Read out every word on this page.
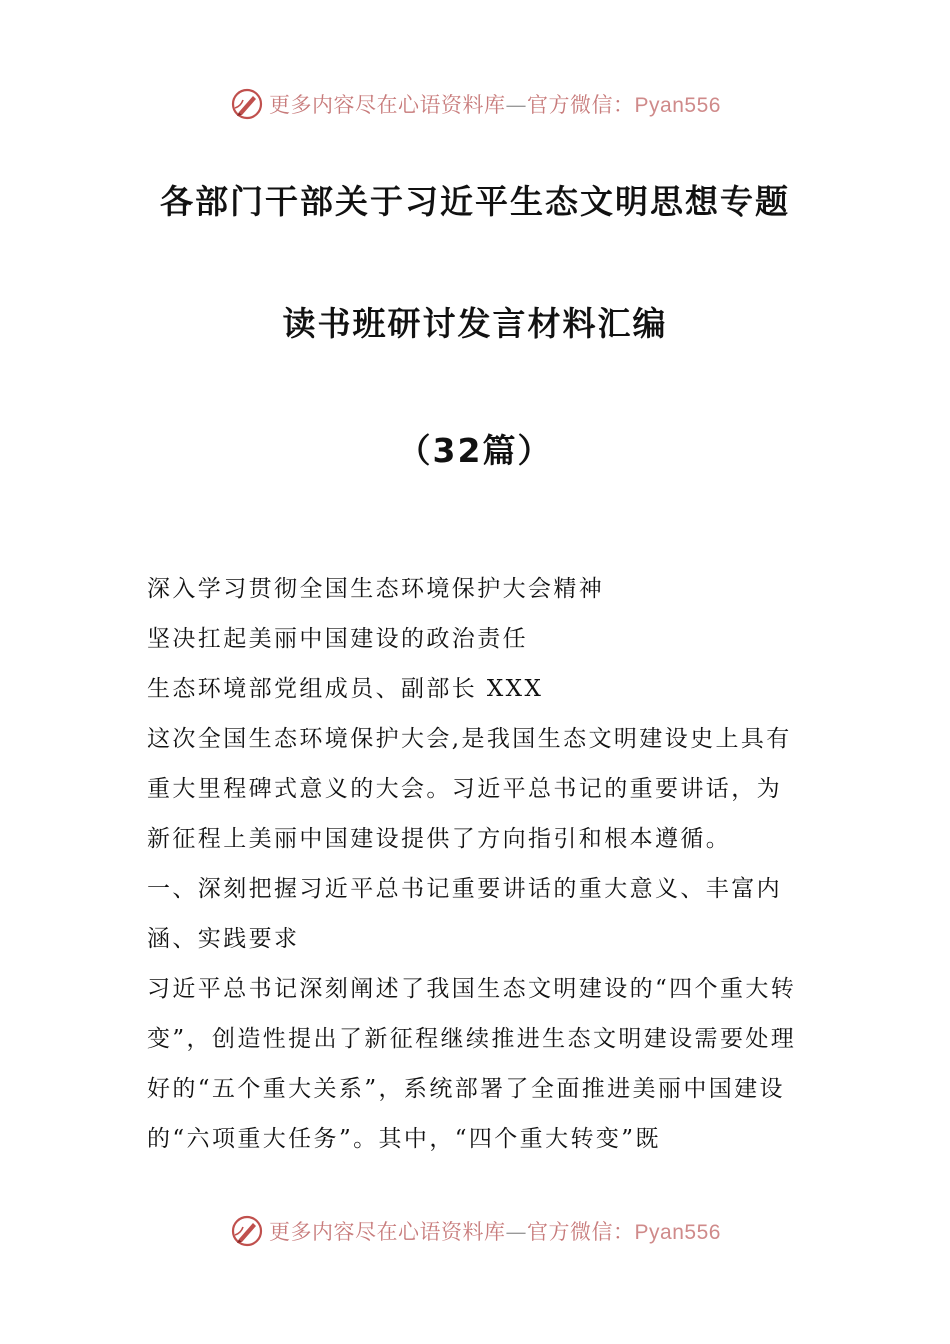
更多内容尽在心语资料库—官方微信：Pyan556
各部门干部关于习近平生态文明思想专题
读书班研讨发言材料汇编
（32篇）

深入学习贯彻全国生态环境保护大会精神

坚决扛起美丽中国建设的政治责任

生态环境部党组成员、副部长 XXX

这次全国生态环境保护大会,是我国生态文明建设史上具有重大里程碑式意义的大会。习近平总书记的重要讲话，为新征程上美丽中国建设提供了方向指引和根本遵循。

一、深刻把握习近平总书记重要讲话的重大意义、丰富内涵、实践要求

习近平总书记深刻阐述了我国生态文明建设的“四个重大转变”，创造性提出了新征程继续推进生态文明建设需要处理好的“五个重大关系”，系统部署了全面推进美丽中国建设的“六项重大任务”。其中，“四个重大转变”既

更多内容尽在心语资料库—官方微信：Pyan556
